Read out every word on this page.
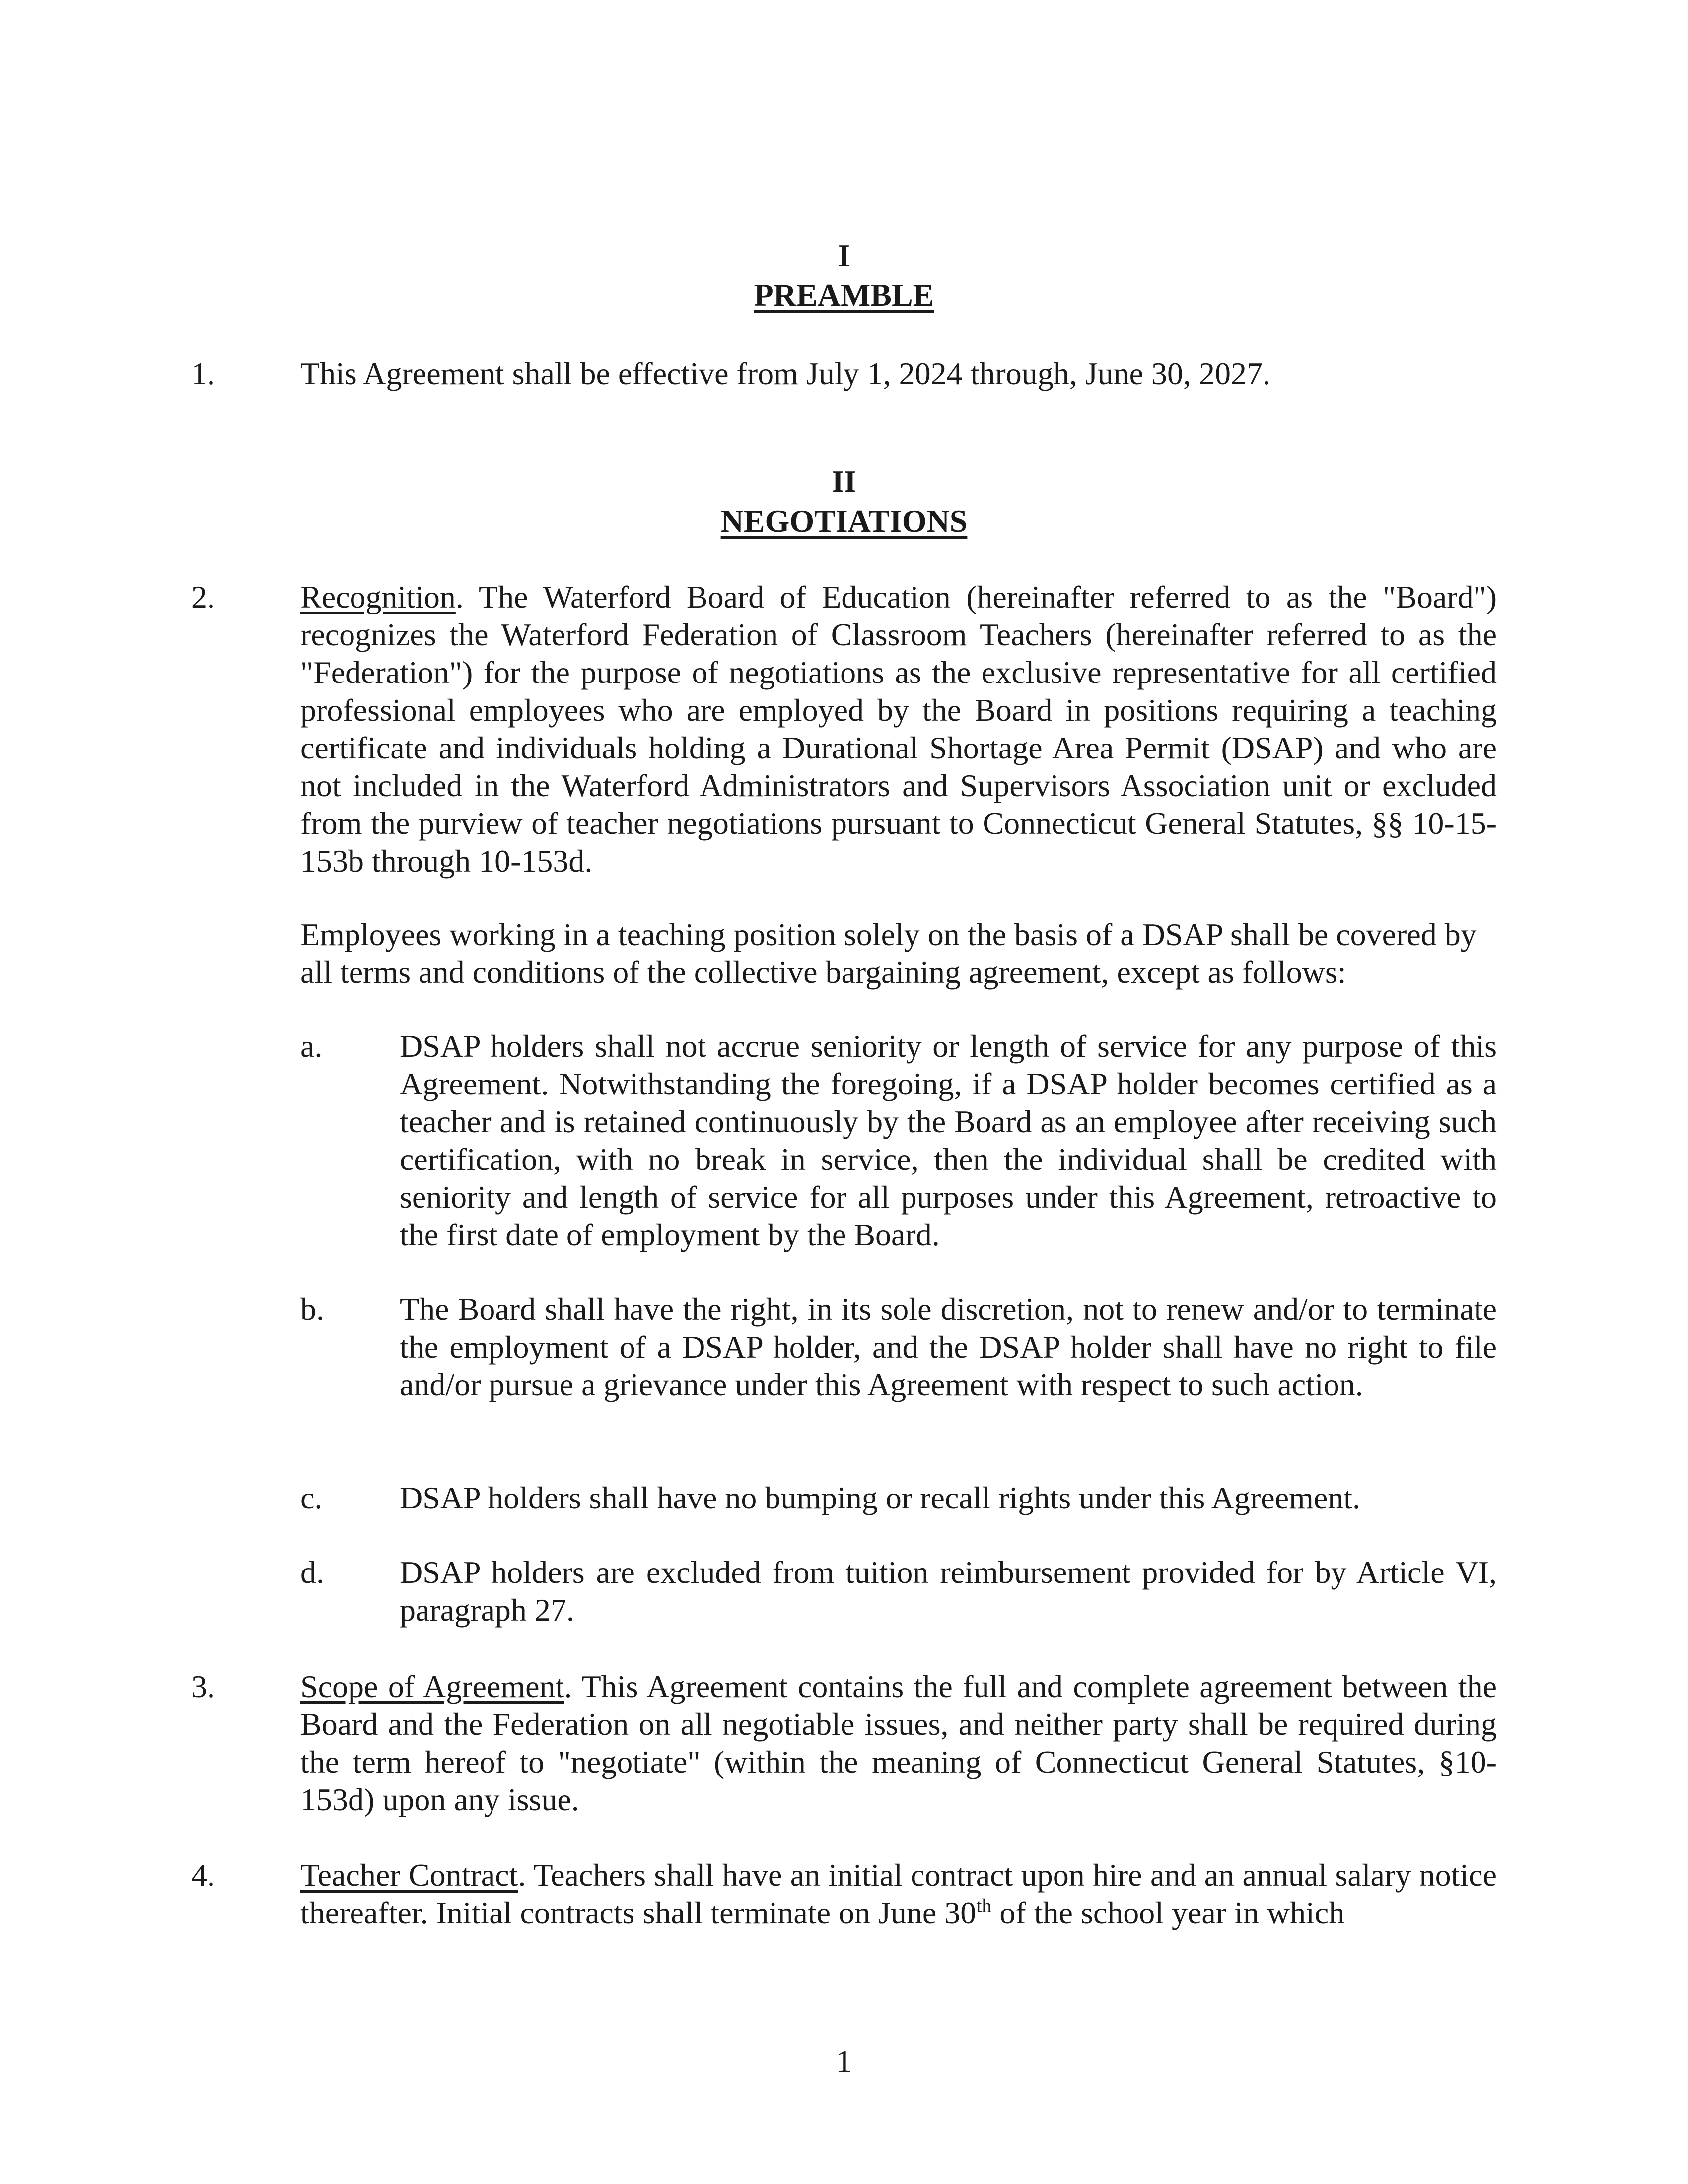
I
PREAMBLE
1.	This Agreement shall be effective from July 1, 2024 through, June 30, 2027.
II
NEGOTIATIONS
2.	Recognition. The Waterford Board of Education (hereinafter referred to as the "Board") recognizes the Waterford Federation of Classroom Teachers (hereinafter referred to as the "Federation") for the purpose of negotiations as the exclusive representative for all certified professional employees who are employed by the Board in positions requiring a teaching certificate and individuals holding a Durational Shortage Area Permit (DSAP) and who are not included in the Waterford Administrators and Supervisors Association unit or excluded from the purview of teacher negotiations pursuant to Connecticut General Statutes, §§ 10-15-153b through 10-153d.
Employees working in a teaching position solely on the basis of a DSAP shall be covered by all terms and conditions of the collective bargaining agreement, except as follows:
a. DSAP holders shall not accrue seniority or length of service for any purpose of this Agreement. Notwithstanding the foregoing, if a DSAP holder becomes certified as a teacher and is retained continuously by the Board as an employee after receiving such certification, with no break in service, then the individual shall be credited with seniority and length of service for all purposes under this Agreement, retroactive to the first date of employment by the Board.
b. The Board shall have the right, in its sole discretion, not to renew and/or to terminate the employment of a DSAP holder, and the DSAP holder shall have no right to file and/or pursue a grievance under this Agreement with respect to such action.
c. DSAP holders shall have no bumping or recall rights under this Agreement.
d. DSAP holders are excluded from tuition reimbursement provided for by Article VI, paragraph 27.
3.	Scope of Agreement. This Agreement contains the full and complete agreement between the Board and the Federation on all negotiable issues, and neither party shall be required during the term hereof to "negotiate" (within the meaning of Connecticut General Statutes, §10-153d) upon any issue.
4.	Teacher Contract. Teachers shall have an initial contract upon hire and an annual salary notice thereafter. Initial contracts shall terminate on June 30th of the school year in which
1
